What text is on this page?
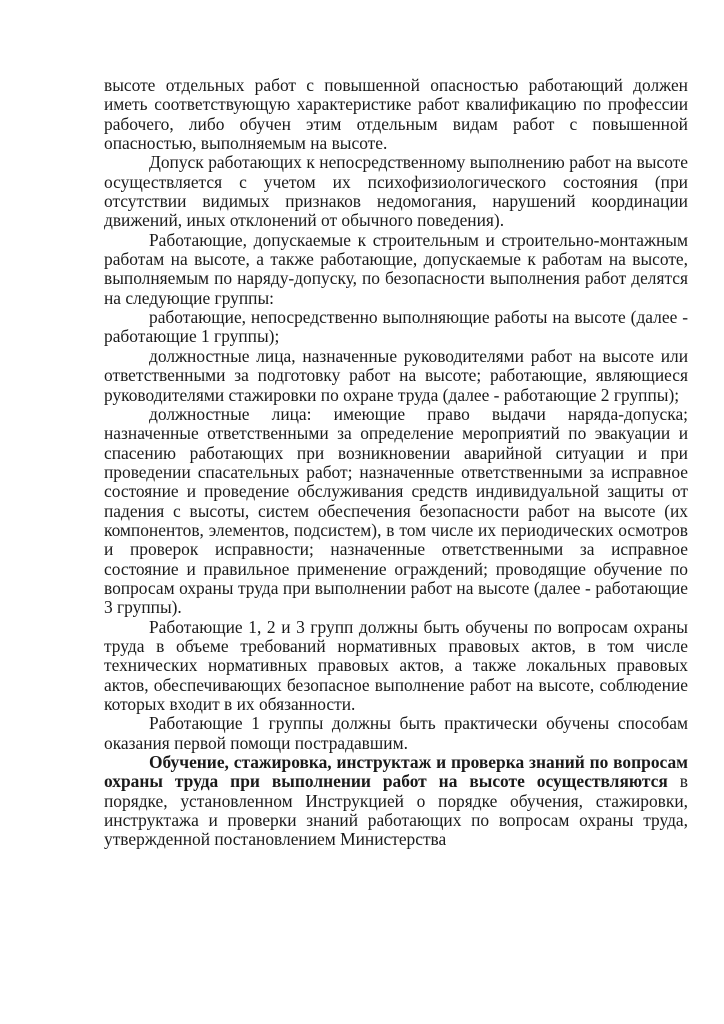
высоте отдельных работ с повышенной опасностью работающий должен иметь соответствующую характеристике работ квалификацию по профессии рабочего, либо обучен этим отдельным видам работ с повышенной опасностью, выполняемым на высоте.

Допуск работающих к непосредственному выполнению работ на высоте осуществляется с учетом их психофизиологического состояния (при отсутствии видимых признаков недомогания, нарушений координации движений, иных отклонений от обычного поведения).

Работающие, допускаемые к строительным и строительно-монтажным работам на высоте, а также работающие, допускаемые к работам на высоте, выполняемым по наряду-допуску, по безопасности выполнения работ делятся на следующие группы:

работающие, непосредственно выполняющие работы на высоте (далее - работающие 1 группы);

должностные лица, назначенные руководителями работ на высоте или ответственными за подготовку работ на высоте; работающие, являющиеся руководителями стажировки по охране труда (далее - работающие 2 группы);

должностные лица: имеющие право выдачи наряда-допуска; назначенные ответственными за определение мероприятий по эвакуации и спасению работающих при возникновении аварийной ситуации и при проведении спасательных работ; назначенные ответственными за исправное состояние и проведение обслуживания средств индивидуальной защиты от падения с высоты, систем обеспечения безопасности работ на высоте (их компонентов, элементов, подсистем), в том числе их периодических осмотров и проверок исправности; назначенные ответственными за исправное состояние и правильное применение ограждений; проводящие обучение по вопросам охраны труда при выполнении работ на высоте (далее - работающие 3 группы).

Работающие 1, 2 и 3 групп должны быть обучены по вопросам охраны труда в объеме требований нормативных правовых актов, в том числе технических нормативных правовых актов, а также локальных правовых актов, обеспечивающих безопасное выполнение работ на высоте, соблюдение которых входит в их обязанности.

Работающие 1 группы должны быть практически обучены способам оказания первой помощи пострадавшим.

Обучение, стажировка, инструктаж и проверка знаний по вопросам охраны труда при выполнении работ на высоте осуществляются в порядке, установленном Инструкцией о порядке обучения, стажировки, инструктажа и проверки знаний работающих по вопросам охраны труда, утвержденной постановлением Министерства
